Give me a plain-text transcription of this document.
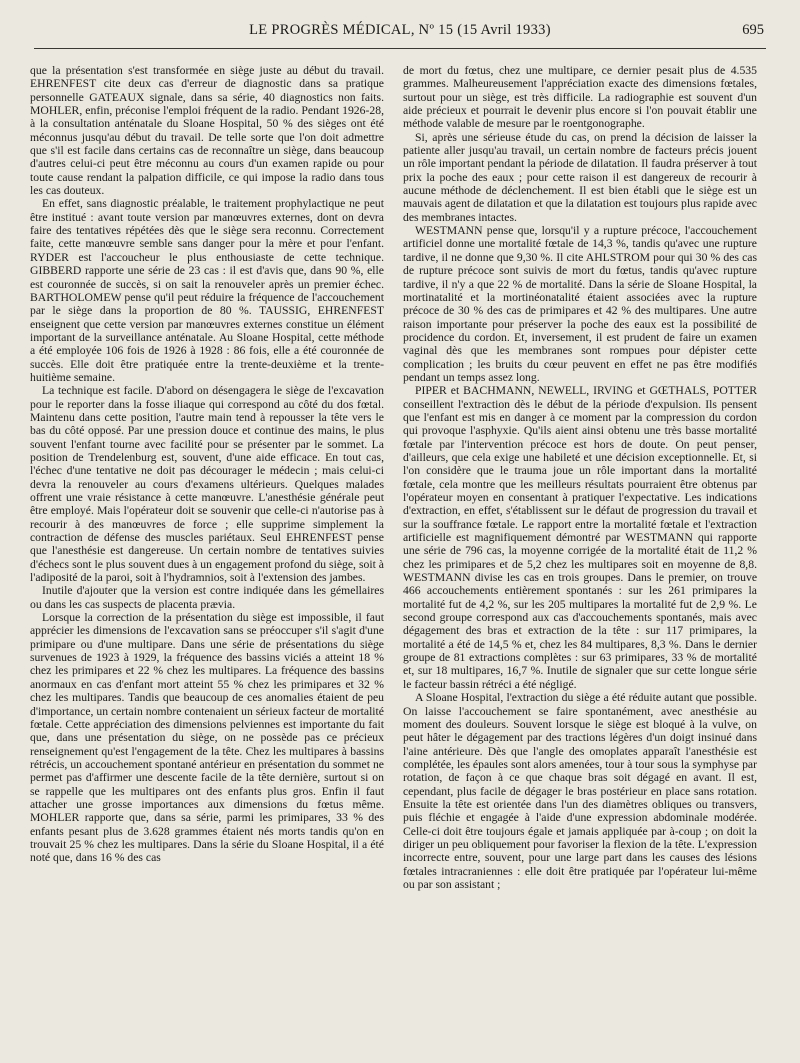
LE PROGRÈS MÉDICAL, Nº 15 (15 Avril 1933)	695

que la présentation s'est transformée en siège juste au début du travail. EHRENFEST cite deux cas d'erreur de diagnostic dans sa pratique personnelle GATEAUX signale, dans sa série, 40 diagnostics non faits. MOHLER, enfin, préconise l'emploi fréquent de la radio. Pendant 1926-28, à la consultation anténatale du Sloane Hospital, 50 % des sièges ont été méconnus jusqu'au début du travail. De telle sorte que l'on doit admettre que s'il est facile dans certains cas de reconnaître un siège, dans beaucoup d'autres celui-ci peut être méconnu au cours d'un examen rapide ou pour toute cause rendant la palpation difficile, ce qui impose la radio dans tous les cas douteux.

En effet, sans diagnostic préalable, le traitement prophylactique ne peut être institué : avant toute version par manœuvres externes, dont on devra faire des tentatives répétées dès que le siège sera reconnu. Correctement faite, cette manœuvre semble sans danger pour la mère et pour l'enfant. RYDER est l'accoucheur le plus enthousiaste de cette technique. GIBBERD rapporte une série de 23 cas : il est d'avis que, dans 90 %, elle est couronnée de succès, si on sait la renouveler après un premier échec. BARTHOLOMEW pense qu'il peut réduire la fréquence de l'accouchement par le siège dans la proportion de 80 %. TAUSSIG, EHRENFEST enseignent que cette version par manœuvres externes constitue un élément important de la surveillance anténatale. Au Sloane Hospital, cette méthode a été employée 106 fois de 1926 à 1928 : 86 fois, elle a été couronnée de succès. Elle doit être pratiquée entre la trente-deuxième et la trente-huitième semaine.

La technique est facile. D'abord on désengagera le siège de l'excavation pour le reporter dans la fosse iliaque qui correspond au côté du dos fœtal. Maintenu dans cette position, l'autre main tend à repousser la tête vers le bas du côté opposé. Par une pression douce et continue des mains, le plus souvent l'enfant tourne avec facilité pour se présenter par le sommet. La position de Trendelenburg est, souvent, d'une aide efficace. En tout cas, l'échec d'une tentative ne doit pas décourager le médecin ; mais celui-ci devra la renouveler au cours d'examens ultérieurs. Quelques malades offrent une vraie résistance à cette manœuvre. L'anesthésie générale peut être employé. Mais l'opérateur doit se souvenir que celle-ci n'autorise pas à recourir à des manœuvres de force ; elle supprime simplement la contraction de défense des muscles pariétaux. Seul EHRENFEST pense que l'anesthésie est dangereuse. Un certain nombre de tentatives suivies d'échecs sont le plus souvent dues à un engagement profond du siège, soit à l'adiposité de la paroi, soit à l'hydramnios, soit à l'extension des jambes.

Inutile d'ajouter que la version est contre indiquée dans les gémellaires ou dans les cas suspects de placenta prævia.

Lorsque la correction de la présentation du siège est impossible, il faut apprécier les dimensions de l'excavation sans se préoccuper s'il s'agit d'une primipare ou d'une multipare. Dans une série de présentations du siège survenues de 1923 à 1929, la fréquence des bassins viciés a atteint 18 % chez les primipares et 22 % chez les multipares. La fréquence des bassins anormaux en cas d'enfant mort atteint 55 % chez les primipares et 32 % chez les multipares. Tandis que beaucoup de ces anomalies étaient de peu d'importance, un certain nombre contenaient un sérieux facteur de mortalité fœtale. Cette appréciation des dimensions pelviennes est importante du fait que, dans une présentation du siège, on ne possède pas ce précieux renseignement qu'est l'engagement de la tête. Chez les multipares à bassins rétrécis, un accouchement spontané antérieur en présentation du sommet ne permet pas d'affirmer une descente facile de la tête dernière, surtout si on se rappelle que les multipares ont des enfants plus gros. Enfin il faut attacher une grosse importances aux dimensions du fœtus même. MOHLER rapporte que, dans sa série, parmi les primipares, 33 % des enfants pesant plus de 3.628 grammes étaient nés morts tandis qu'on en trouvait 25 % chez les multipares. Dans la série du Sloane Hospital, il a été noté que, dans 16 % des cas

de mort du fœtus, chez une multipare, ce dernier pesait plus de 4.535 grammes. Malheureusement l'appréciation exacte des dimensions fœtales, surtout pour un siège, est très difficile. La radiographie est souvent d'un aide précieux et pourrait le devenir plus encore si l'on pouvait établir une méthode valable de mesure par le roentgonographe.

Si, après une sérieuse étude du cas, on prend la décision de laisser la patiente aller jusqu'au travail, un certain nombre de facteurs précis jouent un rôle important pendant la période de dilatation. Il faudra préserver à tout prix la poche des eaux ; pour cette raison il est dangereux de recourir à aucune méthode de déclenchement. Il est bien établi que le siège est un mauvais agent de dilatation et que la dilatation est toujours plus rapide avec des membranes intactes.

WESTMANN pense que, lorsqu'il y a rupture précoce, l'accouchement artificiel donne une mortalité fœtale de 14,3 %, tandis qu'avec une rupture tardive, il ne donne que 9,30 %. Il cite AHLSTROM pour qui 30 % des cas de rupture précoce sont suivis de mort du fœtus, tandis qu'avec rupture tardive, il n'y a que 22 % de mortalité. Dans la série de Sloane Hospital, la mortinatalité et la mortinéonatalité étaient associées avec la rupture précoce de 30 % des cas de primipares et 42 % des multipares. Une autre raison importante pour préserver la poche des eaux est la possibilité de procidence du cordon. Et, inversement, il est prudent de faire un examen vaginal dès que les membranes sont rompues pour dépister cette complication ; les bruits du cœur peuvent en effet ne pas être modifiés pendant un temps assez long.

PIPER et BACHMANN, NEWELL, IRVING et GŒTHALS, POTTER conseillent l'extraction dès le début de la période d'expulsion. Ils pensent que l'enfant est mis en danger à ce moment par la compression du cordon qui provoque l'asphyxie. Qu'ils aient ainsi obtenu une très basse mortalité fœtale par l'intervention précoce est hors de doute. On peut penser, d'ailleurs, que cela exige une habileté et une décision exceptionnelle. Et, si l'on considère que le trauma joue un rôle important dans la mortalité fœtale, cela montre que les meilleurs résultats pourraient être obtenus par l'opérateur moyen en consentant à pratiquer l'expectative. Les indications d'extraction, en effet, s'établissent sur le défaut de progression du travail et sur la souffrance fœtale. Le rapport entre la mortalité fœtale et l'extraction artificielle est magnifiquement démontré par WESTMANN qui rapporte une série de 796 cas, la moyenne corrigée de la mortalité était de 11,2 % chez les primipares et de 5,2 chez les multipares soit en moyenne de 8,8. WESTMANN divise les cas en trois groupes. Dans le premier, on trouve 466 accouchements entièrement spontanés : sur les 261 primipares la mortalité fut de 4,2 %, sur les 205 multipares la mortalité fut de 2,9 %. Le second groupe correspond aux cas d'accouchements spontanés, mais avec dégagement des bras et extraction de la tête : sur 117 primipares, la mortalité a été de 14,5 % et, chez les 84 multipares, 8,3 %. Dans le dernier groupe de 81 extractions complètes : sur 63 primipares, 33 % de mortalité et, sur 18 multipares, 16,7 %. Inutile de signaler que sur cette longue série le facteur bassin rétréci a été négligé.

A Sloane Hospital, l'extraction du siège a été réduite autant que possible. On laisse l'accouchement se faire spontanément, avec anesthésie au moment des douleurs. Souvent lorsque le siège est bloqué à la vulve, on peut hâter le dégagement par des tractions légères d'un doigt insinué dans l'aine antérieure. Dès que l'angle des omoplates apparaît l'anesthésie est complétée, les épaules sont alors amenées, tour à tour sous la symphyse par rotation, de façon à ce que chaque bras soit dégagé en avant. Il est, cependant, plus facile de dégager le bras postérieur en place sans rotation. Ensuite la tête est orientée dans l'un des diamètres obliques ou transvers, puis fléchie et engagée à l'aide d'une expression abdominale modérée. Celle-ci doit être toujours égale et jamais appliquée par à-coup ; on doit la diriger un peu obliquement pour favoriser la flexion de la tête. L'expression incorrecte entre, souvent, pour une large part dans les causes des lésions fœtales intracraniennes : elle doit être pratiquée par l'opérateur lui-même ou par son assistant ;
